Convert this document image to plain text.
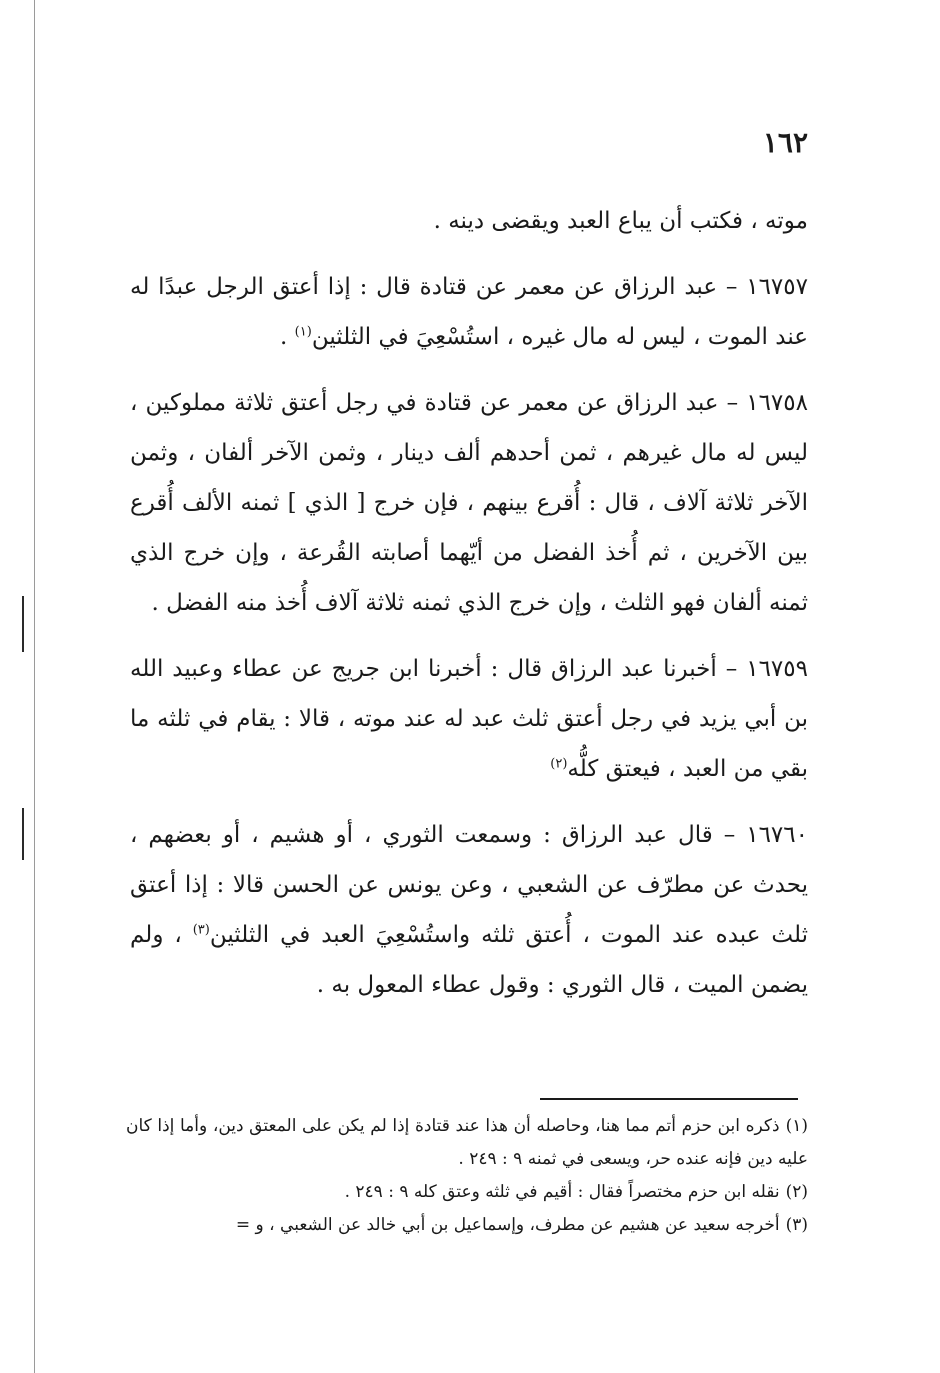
١٦٢

موته ، فكتب أن يباع العبد ويقضى دينه .

١٦٧٥٧ – عبد الرزاق عن معمر عن قتادة قال : إذا أعتق الرجل عبدًا له عند الموت ، ليس له مال غيره ، استُسْعِيَ في الثلثين$^{(١)}$ .

١٦٧٥٨ – عبد الرزاق عن معمر عن قتادة في رجل أعتق ثلاثة مملوكين ، ليس له مال غيرهم ، ثمن أحدهم ألف دينار ، وثمن الآخر ألفان ، وثمن الآخر ثلاثة آلاف ، قال : أُقرع بينهم ، فإن خرج [ الذي ] ثمنه الألف أُقرع بين الآخرين ، ثم أُخذ الفضل من أيّهما أصابته القُرعة ، وإن خرج الذي ثمنه ألفان فهو الثلث ، وإن خرج الذي ثمنه ثلاثة آلاف أُخذ منه الفضل .

١٦٧٥٩ – أخبرنا عبد الرزاق قال : أخبرنا ابن جريج عن عطاء وعبيد الله بن أبي يزيد في رجل أعتق ثلث عبد له عند موته ، قالا : يقام في ثلثه ما بقي من العبد ، فيعتق كلُّه$^{(٢)}$

١٦٧٦٠ – قال عبد الرزاق : وسمعت الثوري ، أو هشيم ، أو بعضهم ، يحدث عن مطرّف عن الشعبي ، وعن يونس عن الحسن قالا : إذا أعتق ثلث عبده عند الموت ، أُعتق ثلثه واستُسْعِيَ العبد في الثلثين$^{(٣)}$ ، ولم يضمن الميت ، قال الثوري : وقول عطاء المعول به .

(١)ذكره ابن حزم أتم مما هنا، وحاصله أن هذا عند قتادة إذا لم يكن على المعتق دين، وأما إذا كان عليه دين فإنه عنده حر، ويسعى في ثمنه ٩ : ٢٤٩ .

(٢)نقله ابن حزم مختصراً فقال : أقيم في ثلثه وعتق كله ٩ : ٢٤٩ .

(٣)أخرجه سعيد عن هشيم عن مطرف، وإسماعيل بن أبي خالد عن الشعبي ، و =
